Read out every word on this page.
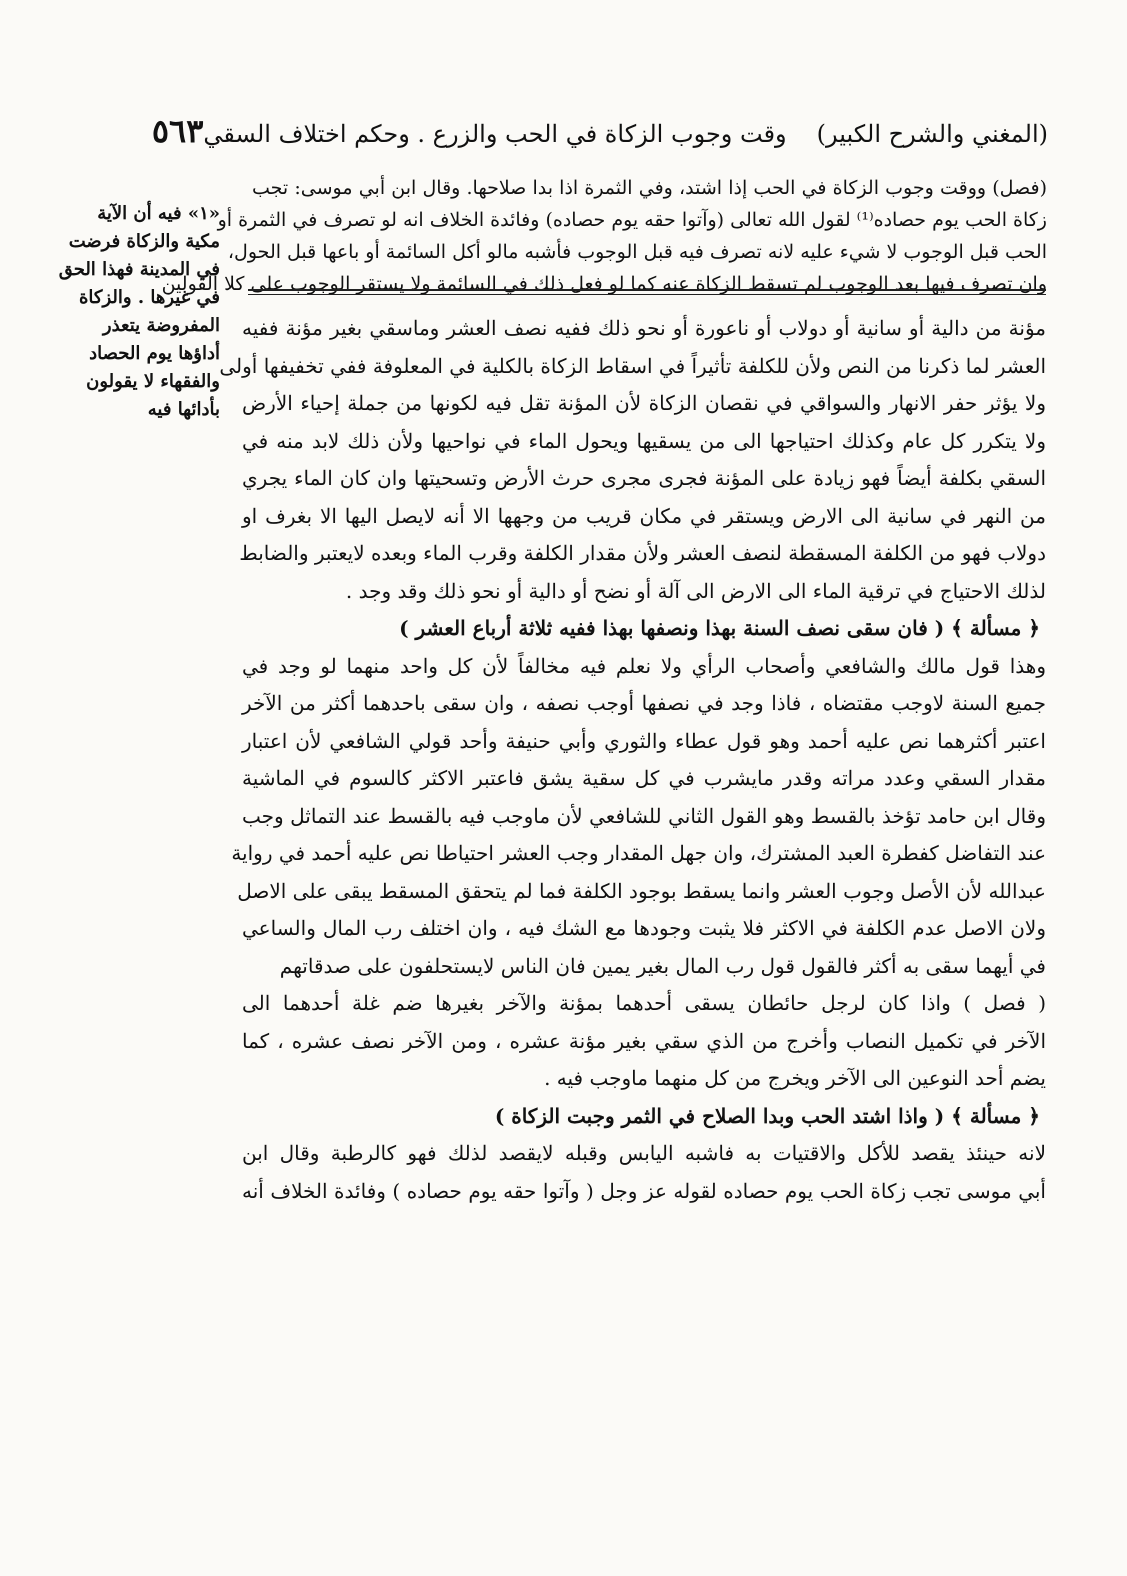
(المغني والشرح الكبير)
وقت وجوب الزكاة في الحب والزرع . وحكم اختلاف السقي
٥٦٣
(فصل) ووقت وجوب الزكاة في الحب إذا اشتد، وفي الثمرة اذا بدا صلاحها. وقال ابن أبي موسى: تجب
زكاة الحب يوم حصاده⁽¹⁾ لقول الله تعالى (وآتوا حقه يوم حصاده) وفائدة الخلاف انه لو تصرف في الثمرة أو
الحب قبل الوجوب لا شيء عليه لانه تصرف فيه قبل الوجوب فأشبه مالو أكل السائمة أو باعها قبل الحول،
وان تصرف فيها بعد الوجوب لم تسقط الزكاة عنه كما لو فعل ذلك في السائمة ولا يستقر الوجوب على كلا القولين
«١» فيه أن الآية
مكية والزكاة فرضت
في المدينة فهذا الحق
في غيرها . والزكاة
المفروضة يتعذر
أداؤها يوم الحصاد
والفقهاء لا يقولون
بأدائها فيه
مؤنة من دالية أو سانية أو دولاب أو ناعورة أو نحو ذلك ففيه نصف العشر وماسقي بغير مؤنة ففيه
العشر لما ذكرنا من النص ولأن للكلفة تأثيراً في اسقاط الزكاة بالكلية في المعلوفة ففي تخفيفها أولى
ولا يؤثر حفر الانهار والسواقي في نقصان الزكاة لأن المؤنة تقل فيه لكونها من جملة إحياء الأرض
ولا يتكرر كل عام وكذلك احتياجها الى من يسقيها ويحول الماء في نواحيها ولأن ذلك لابد منه في
السقي بكلفة أيضاً فهو زيادة على المؤنة فجرى مجرى حرث الأرض وتسحيتها وان كان الماء يجري
من النهر في سانية الى الارض ويستقر في مكان قريب من وجهها الا أنه لايصل اليها الا بغرف او
دولاب فهو من الكلفة المسقطة لنصف العشر ولأن مقدار الكلفة وقرب الماء وبعده لايعتبر والضابط
لذلك الاحتياج في ترقية الماء الى الارض الى آلة أو نضح أو دالية أو نحو ذلك وقد وجد .
﴿ مسألة ﴾ ( فان سقى نصف السنة بهذا ونصفها بهذا ففيه ثلاثة أرباع العشر )
وهذا قول مالك والشافعي وأصحاب الرأي ولا نعلم فيه مخالفاً لأن كل واحد منهما لو وجد في
جميع السنة لاوجب مقتضاه ، فاذا وجد في نصفها أوجب نصفه ، وان سقى باحدهما أكثر من الآخر
اعتبر أكثرهما نص عليه أحمد وهو قول عطاء والثوري وأبي حنيفة وأحد قولي الشافعي لأن اعتبار
مقدار السقي وعدد مراته وقدر مايشرب في كل سقية يشق فاعتبر الاكثر كالسوم في الماشية
وقال ابن حامد تؤخذ بالقسط وهو القول الثاني للشافعي لأن ماوجب فيه بالقسط عند التماثل وجب
عند التفاضل كفطرة العبد المشترك، وان جهل المقدار وجب العشر احتياطا نص عليه أحمد في رواية
عبدالله لأن الأصل وجوب العشر وانما يسقط بوجود الكلفة فما لم يتحقق المسقط يبقى على الاصل
ولان الاصل عدم الكلفة في الاكثر فلا يثبت وجودها مع الشك فيه ، وان اختلف رب المال والساعي
في أيهما سقى به أكثر فالقول قول رب المال بغير يمين فان الناس لايستحلفون على صدقاتهم
( فصل ) واذا كان لرجل حائطان يسقى أحدهما بمؤنة والآخر بغيرها ضم غلة أحدهما الى
الآخر في تكميل النصاب وأخرج من الذي سقي بغير مؤنة عشره ، ومن الآخر نصف عشره ، كما
يضم أحد النوعين الى الآخر ويخرج من كل منهما ماوجب فيه .
﴿ مسألة ﴾ ( واذا اشتد الحب وبدا الصلاح في الثمر وجبت الزكاة )
لانه حينئذ يقصد للأكل والاقتيات به فاشبه اليابس وقبله لايقصد لذلك فهو كالرطبة وقال ابن
أبي موسى تجب زكاة الحب يوم حصاده لقوله عز وجل ( وآتوا حقه يوم حصاده ) وفائدة الخلاف أنه
